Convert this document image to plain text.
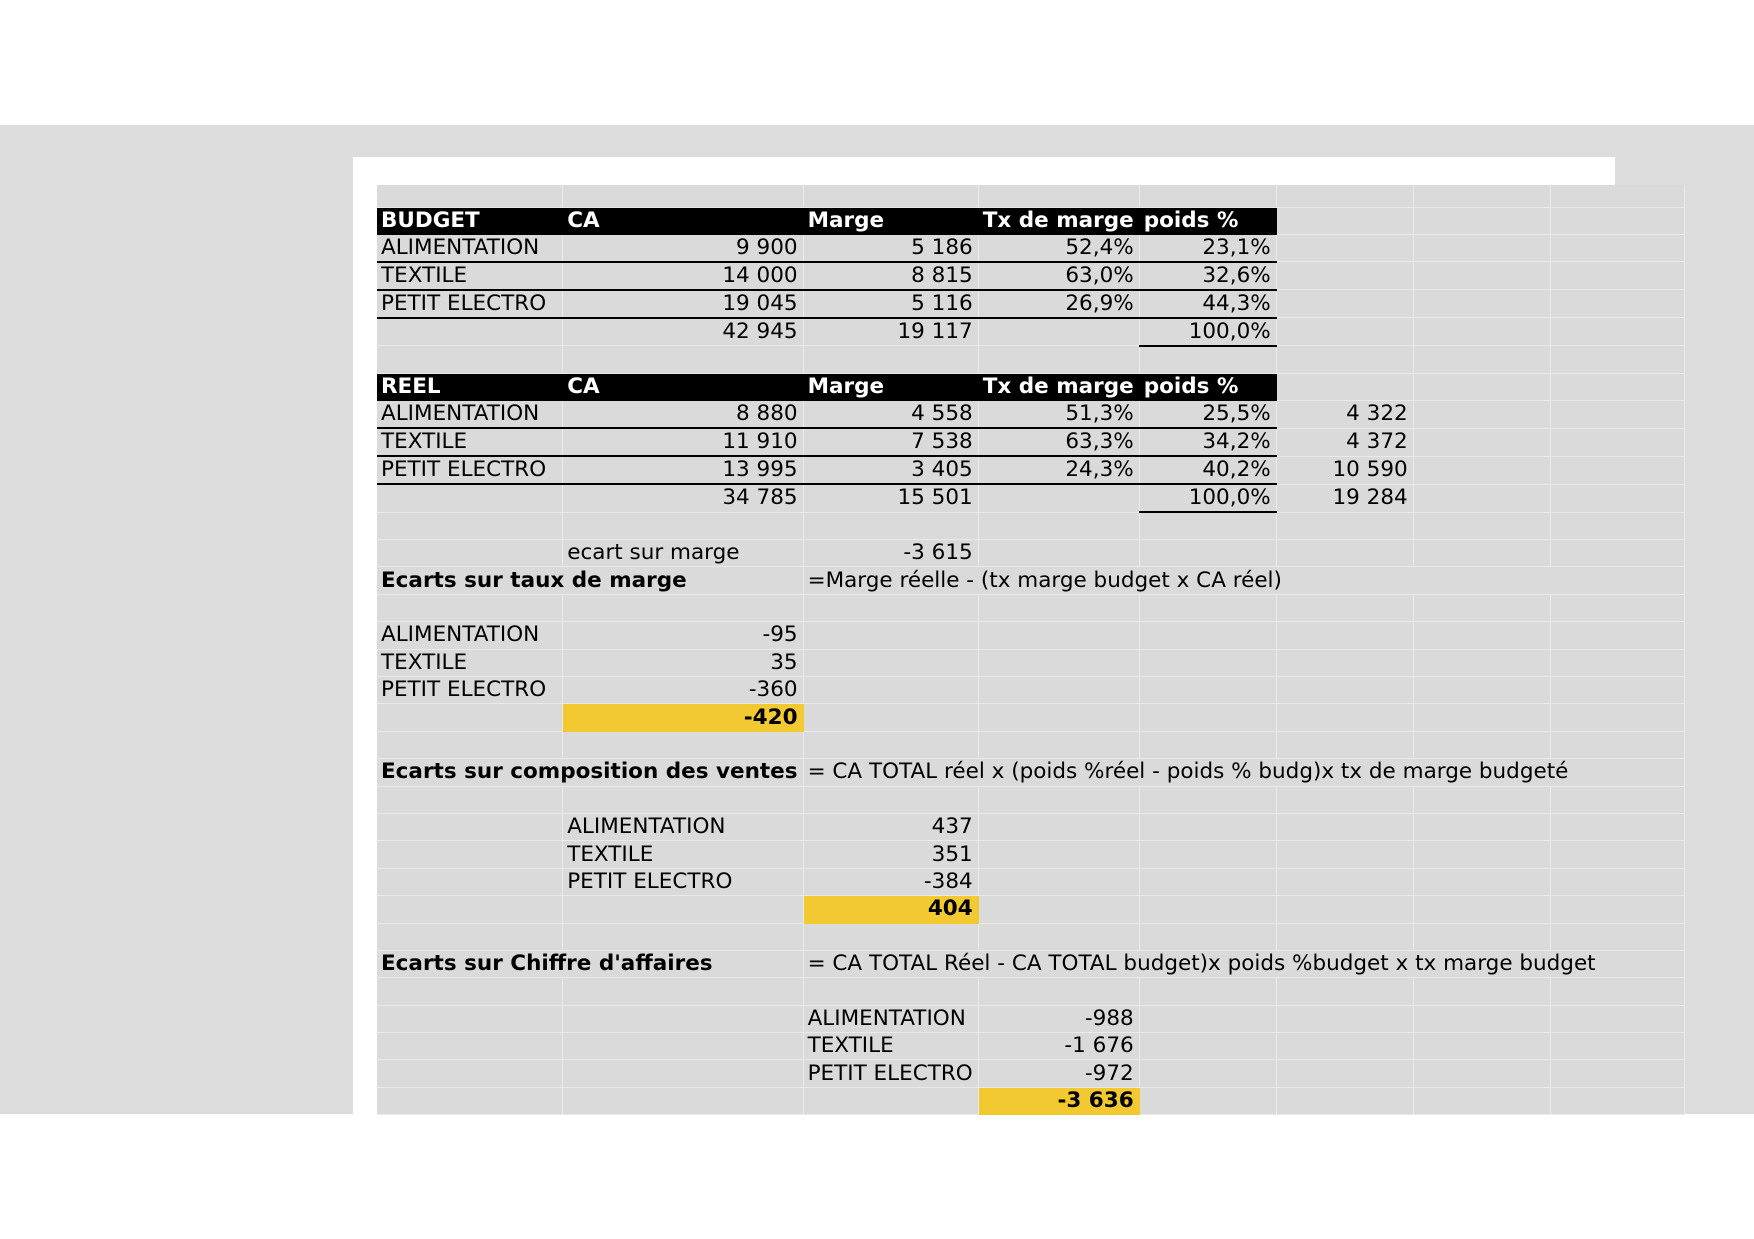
BUDGET	CA	Marge	Tx de marge	poids %			
ALIMENTATION	9 900	5 186	52,4%	23,1%			
TEXTILE	14 000	8 815	63,0%	32,6%			
PETIT ELECTRO	19 045	5 116	26,9%	44,3%			
	42 945	19 117		100,0%			

REEL	CA	Marge	Tx de marge	poids %			
ALIMENTATION	8 880	4 558	51,3%	25,5%	4 322		
TEXTILE	11 910	7 538	63,3%	34,2%	4 372		
PETIT ELECTRO	13 995	3 405	24,3%	40,2%	10 590		
	34 785	15 501		100,0%	19 284		

	ecart sur marge	-3 615					
Ecarts sur taux de marge		=Marge réelle - (tx marge budget x CA réel)					

ALIMENTATION	-95						
TEXTILE	35						
PETIT ELECTRO	-360						
	-420						

Ecarts sur composition des ventes		= CA TOTAL réel x (poids %réel - poids % budg)x tx de marge budgeté					

	ALIMENTATION	437					
	TEXTILE	351					
	PETIT ELECTRO	-384					
		404					

Ecarts sur Chiffre d'affaires		= CA TOTAL Réel - CA TOTAL budget)x poids %budget x tx marge budget					

		ALIMENTATION	-988				
		TEXTILE	-1 676				
		PETIT ELECTRO	-972				
			-3 636				
